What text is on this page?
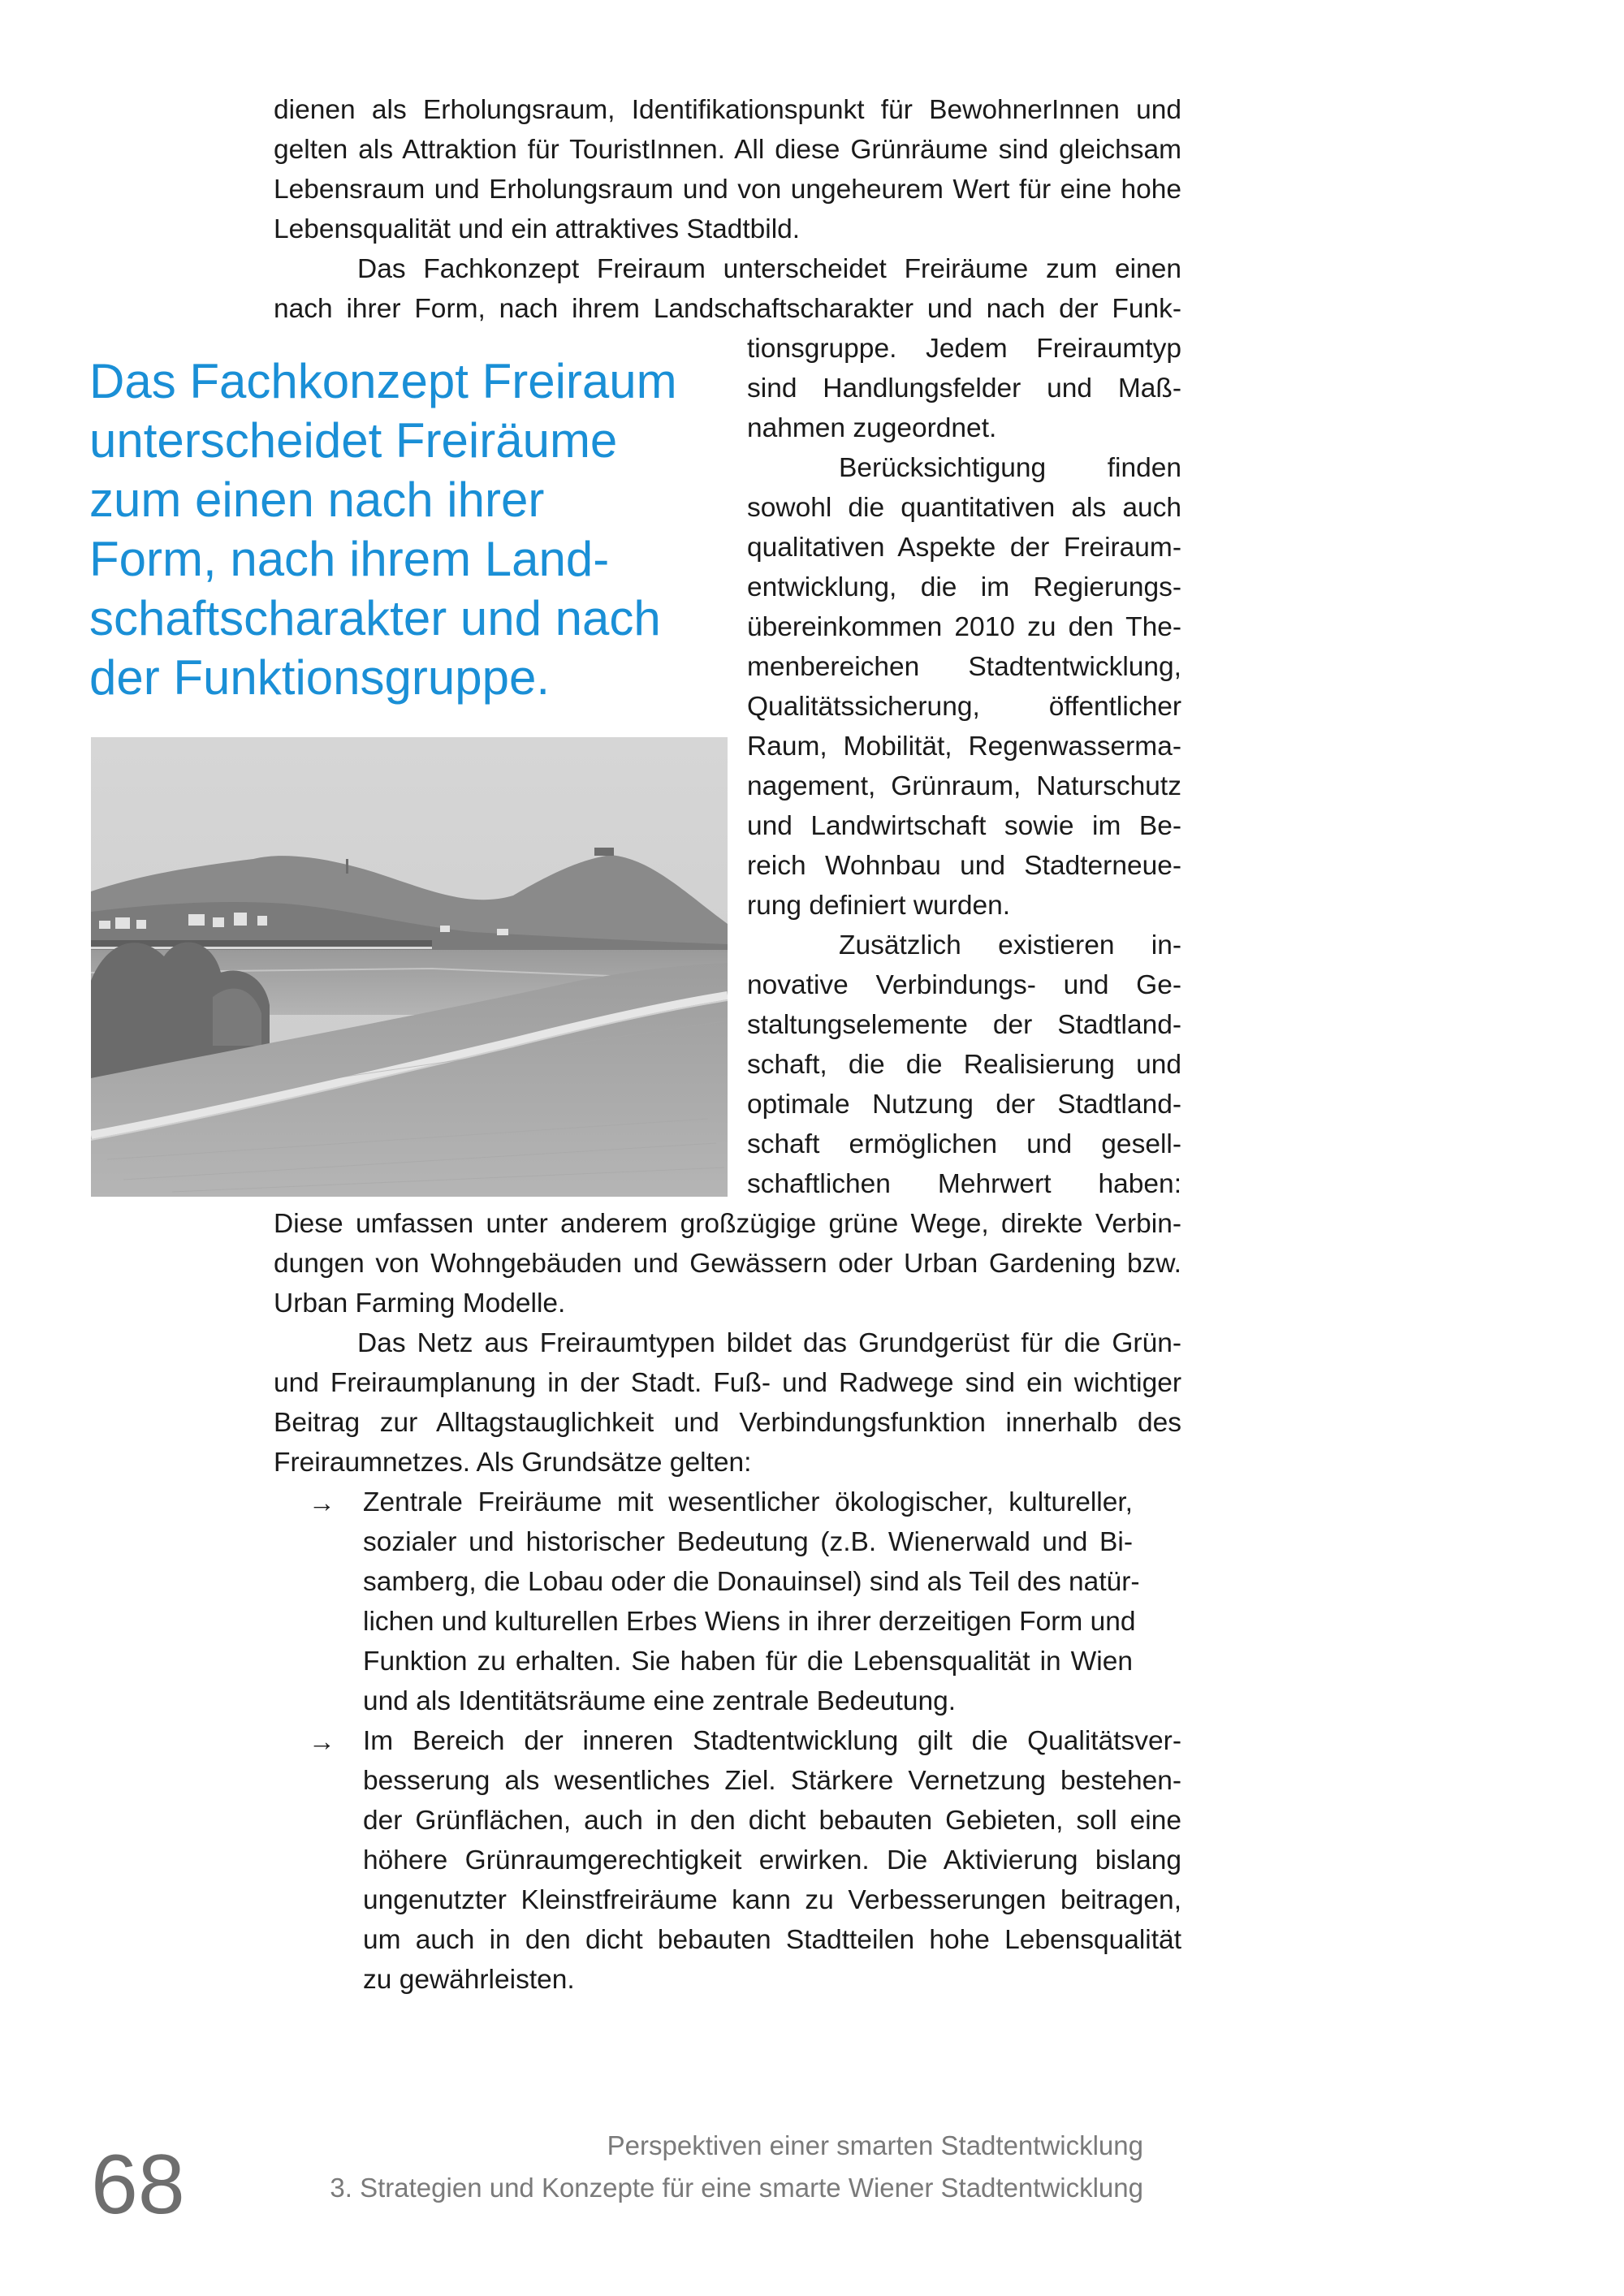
dienen als Erholungsraum, Identifikationspunkt für BewohnerInnen und
gelten als Attraktion für TouristInnen. All diese Grünräume sind gleichsam
Lebensraum und Erholungsraum und von ungeheurem Wert für eine hohe
Lebensqualität und ein attraktives Stadtbild.
Das Fachkonzept Freiraum unterscheidet Freiräume zum einen
nach ihrer Form, nach ihrem Landschaftscharakter und nach der Funk-
tionsgruppe. Jedem Freiraumtyp
sind Handlungsfelder und Maß-
nahmen zugeordnet.
Berücksichtigung finden
sowohl die quantitativen als auch
qualitativen Aspekte der Freiraum-
entwicklung, die im Regierungs-
übereinkommen 2010 zu den The-
menbereichen Stadtentwicklung,
Qualitätssicherung, öffentlicher
Raum, Mobilität, Regenwasserma-
nagement, Grünraum, Naturschutz
und Landwirtschaft sowie im Be-
reich Wohnbau und Stadterneue-
rung definiert wurden.
Zusätzlich existieren in-
novative Verbindungs- und Ge-
staltungselemente der Stadtland-
schaft, die die Realisierung und
optimale Nutzung der Stadtland-
schaft ermöglichen und gesell-
schaftlichen Mehrwert haben:
Diese umfassen unter anderem großzügige grüne Wege, direkte Verbin-
dungen von Wohngebäuden und Gewässern oder Urban Gardening bzw.
Urban Farming Modelle.
Das Netz aus Freiraumtypen bildet das Grundgerüst für die Grün-
und Freiraumplanung in der Stadt. Fuß- und Radwege sind ein wichtiger
Beitrag zur Alltagstauglichkeit und Verbindungsfunktion innerhalb des
Freiraumnetzes. Als Grundsätze gelten:
→ Zentrale Freiräume mit wesentlicher ökologischer, kultureller,
sozialer und historischer Bedeutung (z.B. Wienerwald und Bi-
samberg, die Lobau oder die Donauinsel) sind als Teil des natür-
lichen und kulturellen Erbes Wiens in ihrer derzeitigen Form und
Funktion zu erhalten. Sie haben für die Lebensqualität in Wien
und als Identitätsräume eine zentrale Bedeutung.
→ Im Bereich der inneren Stadtentwicklung gilt die Qualitätsver-
besserung als wesentliches Ziel. Stärkere Vernetzung bestehen-
der Grünflächen, auch in den dicht bebauten Gebieten, soll eine
höhere Grünraumgerechtigkeit erwirken. Die Aktivierung bislang
ungenutzter Kleinstfreiräume kann zu Verbesserungen beitragen,
um auch in den dicht bebauten Stadtteilen hohe Lebensqualität
zu gewährleisten.
Das Fachkonzept Freiraum
unterscheidet Freiräume
zum einen nach ihrer
Form, nach ihrem Land-
schaftscharakter und nach
der Funktionsgruppe.
68	Perspektiven einer smarten Stadtentwicklung
3. Strategien und Konzepte für eine smarte Wiener Stadtentwicklung
